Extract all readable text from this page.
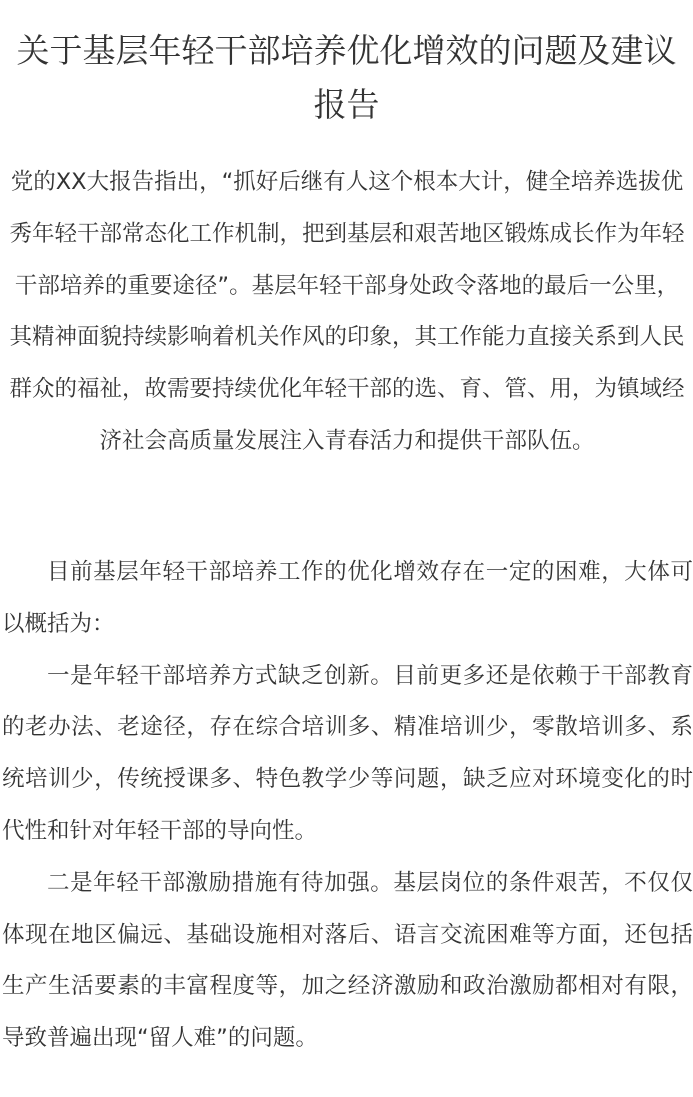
关于基层年轻干部培养优化增效的问题及建议报告

党的XX大报告指出，“抓好后继有人这个根本大计，健全培养选拔优秀年轻干部常态化工作机制，把到基层和艰苦地区锻炼成长作为年轻干部培养的重要途径”。基层年轻干部身处政令落地的最后一公里，其精神面貌持续影响着机关作风的印象，其工作能力直接关系到人民群众的福祉，故需要持续优化年轻干部的选、育、管、用，为镇域经济社会高质量发展注入青春活力和提供干部队伍。

目前基层年轻干部培养工作的优化增效存在一定的困难，大体可以概括为：

一是年轻干部培养方式缺乏创新。目前更多还是依赖于干部教育的老办法、老途径，存在综合培训多、精准培训少，零散培训多、系统培训少，传统授课多、特色教学少等问题，缺乏应对环境变化的时代性和针对年轻干部的导向性。

二是年轻干部激励措施有待加强。基层岗位的条件艰苦，不仅仅体现在地区偏远、基础设施相对落后、语言交流困难等方面，还包括生产生活要素的丰富程度等，加之经济激励和政治激励都相对有限，导致普遍出现“留人难”的问题。
